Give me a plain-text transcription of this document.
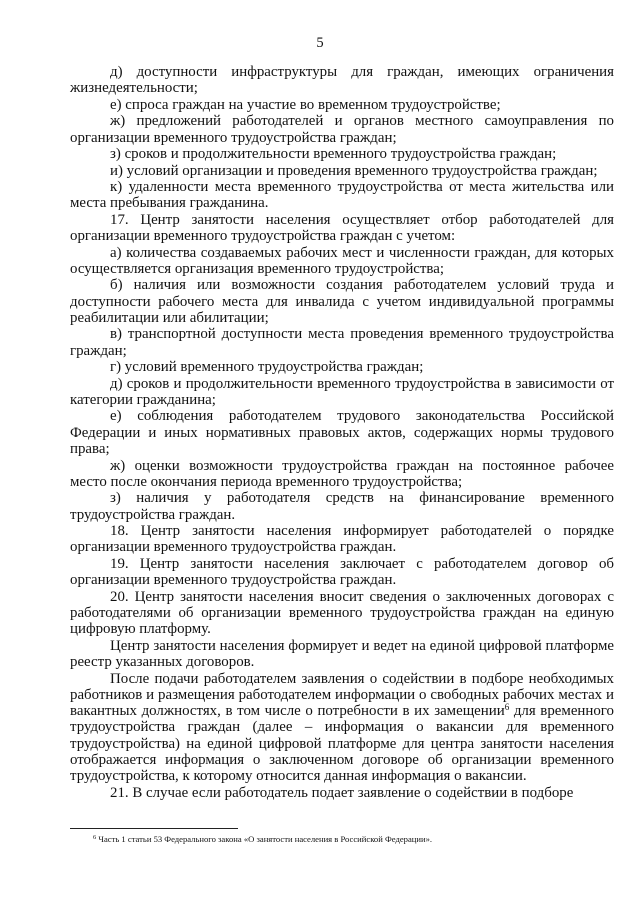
5

д) доступности инфраструктуры для граждан, имеющих ограничения жизнедеятельности;

е) спроса граждан на участие во временном трудоустройстве;

ж) предложений работодателей и органов местного самоуправления по организации временного трудоустройства граждан;

з) сроков и продолжительности временного трудоустройства граждан;

и) условий организации и проведения временного трудоустройства граждан;

к) удаленности места временного трудоустройства от места жительства или места пребывания гражданина.

17. Центр занятости населения осуществляет отбор работодателей для организации временного трудоустройства граждан с учетом:

а) количества создаваемых рабочих мест и численности граждан, для которых осуществляется организация временного трудоустройства;

б) наличия или возможности создания работодателем условий труда и доступности рабочего места для инвалида с учетом индивидуальной программы реабилитации или абилитации;

в) транспортной доступности места проведения временного трудоустройства граждан;

г) условий временного трудоустройства граждан;

д) сроков и продолжительности временного трудоустройства в зависимости от категории гражданина;

е) соблюдения работодателем трудового законодательства Российской Федерации и иных нормативных правовых актов, содержащих нормы трудового права;

ж) оценки возможности трудоустройства граждан на постоянное рабочее место после окончания периода временного трудоустройства;

з) наличия у работодателя средств на финансирование временного трудоустройства граждан.

18. Центр занятости населения информирует работодателей о порядке организации временного трудоустройства граждан.

19. Центр занятости населения заключает с работодателем договор об организации временного трудоустройства граждан.

20. Центр занятости населения вносит сведения о заключенных договорах с работодателями об организации временного трудоустройства граждан на единую цифровую платформу.

Центр занятости населения формирует и ведет на единой цифровой платформе реестр указанных договоров.

После подачи работодателем заявления о содействии в подборе необходимых работников и размещения работодателем информации о свободных рабочих местах и вакантных должностях, в том числе о потребности в их замещении$^6$ для временного трудоустройства граждан (далее – информация о вакансии для временного трудоустройства) на единой цифровой платформе для центра занятости населения отображается информация о заключенном договоре об организации временного трудоустройства, к которому относится данная информация о вакансии.

21. В случае если работодатель подает заявление о содействии в подборе

$^6$ Часть 1 статьи 53 Федерального закона «О занятости населения в Российской Федерации».
